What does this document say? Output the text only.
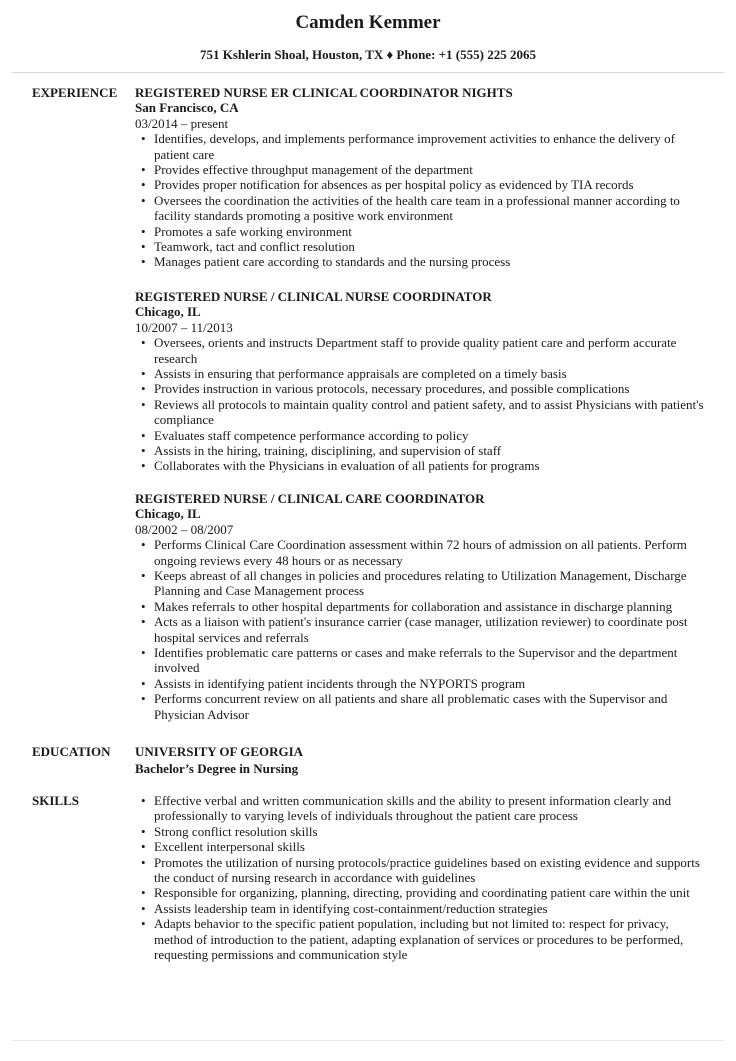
Camden Kemmer
751 Kshlerin Shoal, Houston, TX ♦ Phone: +1 (555) 225 2065
EXPERIENCE REGISTERED NURSE ER CLINICAL COORDINATOR NIGHTS
San Francisco, CA
03/2014 – present
• Identifies, develops, and implements performance improvement activities to enhance the delivery of patient care
• Provides effective throughput management of the department
• Provides proper notification for absences as per hospital policy as evidenced by TIA records
• Oversees the coordination the activities of the health care team in a professional manner according to facility standards promoting a positive work environment
• Promotes a safe working environment
• Teamwork, tact and conflict resolution
• Manages patient care according to standards and the nursing process
REGISTERED NURSE / CLINICAL NURSE COORDINATOR
Chicago, IL
10/2007 – 11/2013
• Oversees, orients and instructs Department staff to provide quality patient care and perform accurate research
• Assists in ensuring that performance appraisals are completed on a timely basis
• Provides instruction in various protocols, necessary procedures, and possible complications
• Reviews all protocols to maintain quality control and patient safety, and to assist Physicians with patient's compliance
• Evaluates staff competence performance according to policy
• Assists in the hiring, training, disciplining, and supervision of staff
• Collaborates with the Physicians in evaluation of all patients for programs
REGISTERED NURSE / CLINICAL CARE COORDINATOR
Chicago, IL
08/2002 – 08/2007
• Performs Clinical Care Coordination assessment within 72 hours of admission on all patients. Perform ongoing reviews every 48 hours or as necessary
• Keeps abreast of all changes in policies and procedures relating to Utilization Management, Discharge Planning and Case Management process
• Makes referrals to other hospital departments for collaboration and assistance in discharge planning
• Acts as a liaison with patient's insurance carrier (case manager, utilization reviewer) to coordinate post hospital services and referrals
• Identifies problematic care patterns or cases and make referrals to the Supervisor and the department involved
• Assists in identifying patient incidents through the NYPORTS program
• Performs concurrent review on all patients and share all problematic cases with the Supervisor and Physician Advisor
EDUCATION UNIVERSITY OF GEORGIA
Bachelor’s Degree in Nursing
SKILLS	• Effective verbal and written communication skills and the ability to present information clearly and professionally to varying levels of individuals throughout the patient care process
• Strong conflict resolution skills
• Excellent interpersonal skills
• Promotes the utilization of nursing protocols/practice guidelines based on existing evidence and supports the conduct of nursing research in accordance with guidelines
• Responsible for organizing, planning, directing, providing and coordinating patient care within the unit
• Assists leadership team in identifying cost-containment/reduction strategies
• Adapts behavior to the specific patient population, including but not limited to: respect for privacy, method of introduction to the patient, adapting explanation of services or procedures to be performed, requesting permissions and communication style
